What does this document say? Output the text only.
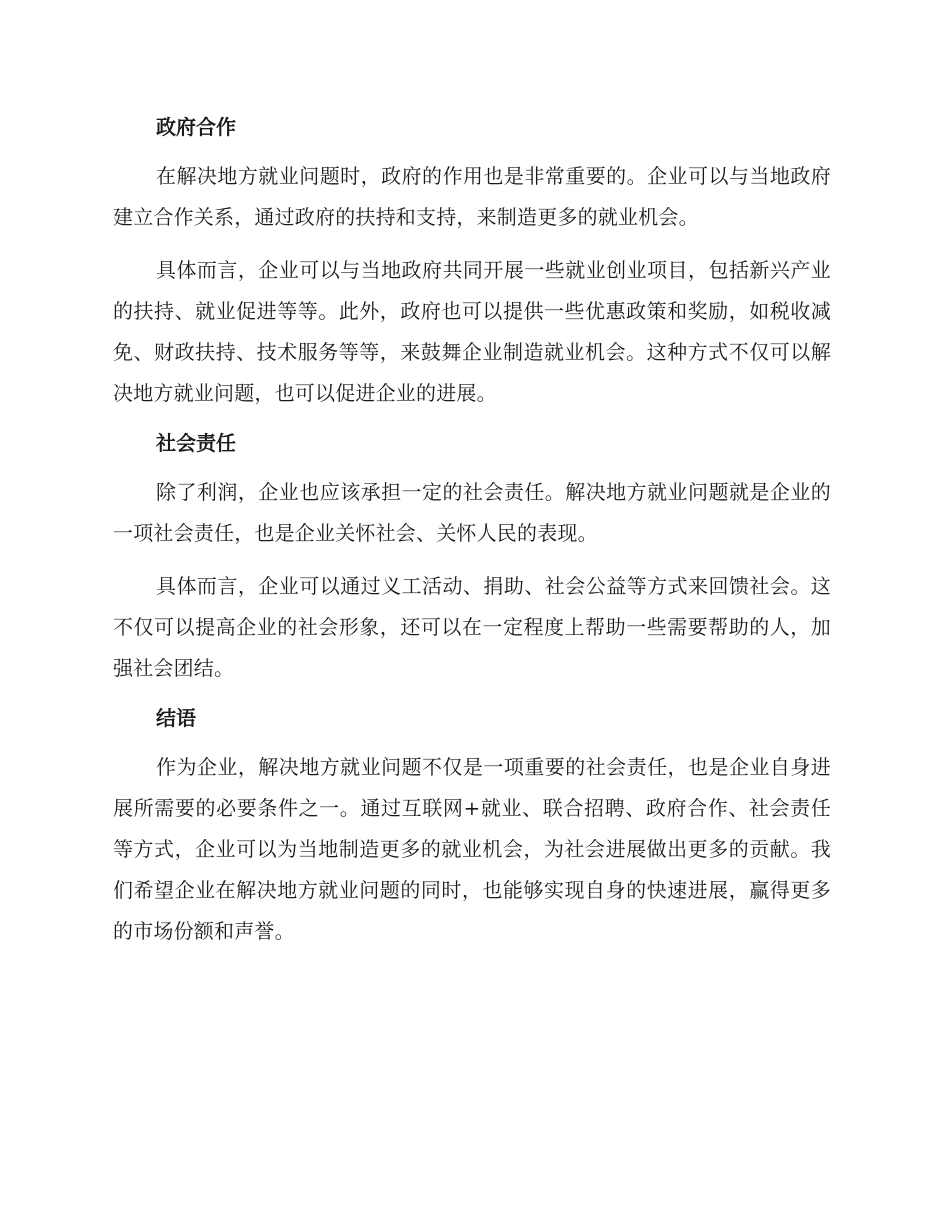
政府合作

在解决地方就业问题时，政府的作用也是非常重要的。企业可以与当地政府建立合作关系，通过政府的扶持和支持，来制造更多的就业机会。

具体而言，企业可以与当地政府共同开展一些就业创业项目，包括新兴产业的扶持、就业促进等等。此外，政府也可以提供一些优惠政策和奖励，如税收减免、财政扶持、技术服务等等，来鼓舞企业制造就业机会。这种方式不仅可以解决地方就业问题，也可以促进企业的进展。

社会责任

除了利润，企业也应该承担一定的社会责任。解决地方就业问题就是企业的一项社会责任，也是企业关怀社会、关怀人民的表现。

具体而言，企业可以通过义工活动、捐助、社会公益等方式来回馈社会。这不仅可以提高企业的社会形象，还可以在一定程度上帮助一些需要帮助的人，加强社会团结。

结语

作为企业，解决地方就业问题不仅是一项重要的社会责任，也是企业自身进展所需要的必要条件之一。通过互联网+就业、联合招聘、政府合作、社会责任等方式，企业可以为当地制造更多的就业机会，为社会进展做出更多的贡献。我们希望企业在解决地方就业问题的同时，也能够实现自身的快速进展，赢得更多的市场份额和声誉。
